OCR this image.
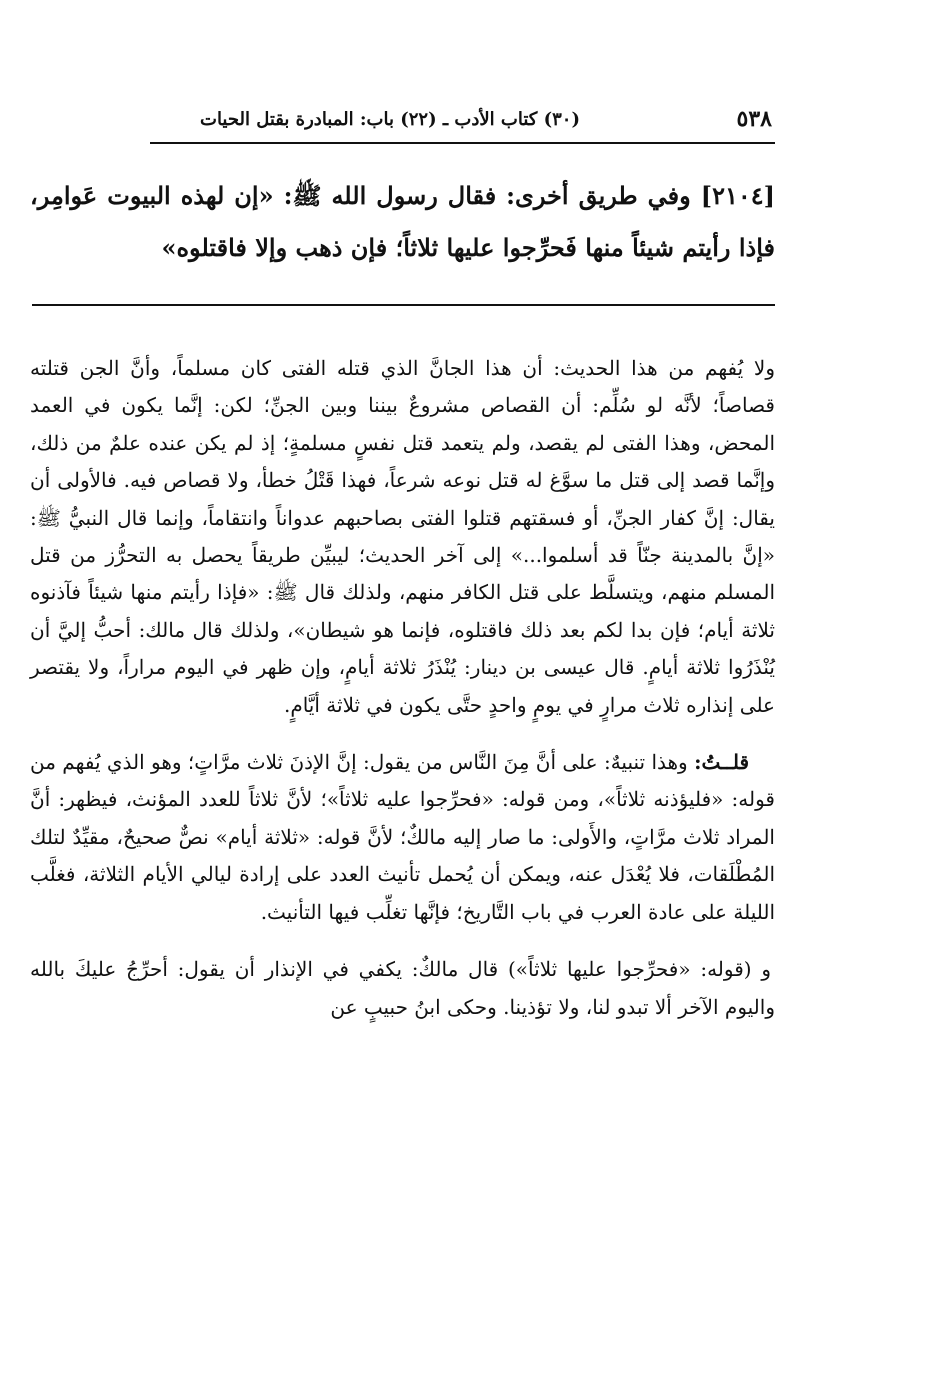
٥٣٨
(٣٠) كتاب الأدب ـ (٢٢) باب: المبادرة بقتل الحيات
[٢١٠٤] وفي طريق أخرى: فقال رسول الله ﷺ: «إن لهذه البيوت عَوامِر، فإذا رأيتم شيئاً منها فَحرِّجوا عليها ثلاثاً؛ فإن ذهب وإلا فاقتلوه»

ولا يُفهم من هذا الحديث: أن هذا الجانَّ الذي قتله الفتى كان مسلماً، وأنَّ الجن قتلته قصاصاً؛ لأنَّه لو سُلِّم: أن القصاص مشروعٌ بيننا وبين الجنِّ؛ لكن: إنَّما يكون في العمد المحض، وهذا الفتى لم يقصد، ولم يتعمد قتل نفسٍ مسلمةٍ؛ إذ لم يكن عنده علمٌ من ذلك، وإنَّما قصد إلى قتل ما سوَّغ له قتل نوعه شرعاً، فهذا قَتْلُ خطأ، ولا قصاص فيه. فالأولى أن يقال: إنَّ كفار الجنِّ، أو فسقتهم قتلوا الفتى بصاحبهم عدواناً وانتقاماً، وإنما قال النبيُّ ﷺ: «إنَّ بالمدينة جنّاً قد أسلموا...» إلى آخر الحديث؛ ليبيِّن طريقاً يحصل به التحرُّز من قتل المسلم منهم، ويتسلَّط على قتل الكافر منهم، ولذلك قال ﷺ: «فإذا رأيتم منها شيئاً فآذنوه ثلاثة أيام؛ فإن بدا لكم بعد ذلك فاقتلوه، فإنما هو شيطان»، ولذلك قال مالك: أحبُّ إليَّ أن يُنْذَرُوا ثلاثة أيامٍ. قال عيسى بن دينار: يُنْذَرُ ثلاثة أيامٍ، وإن ظهر في اليوم مراراً، ولا يقتصر على إنذاره ثلاث مرارٍ في يومٍ واحدٍ حتَّى يكون في ثلاثة أيَّامٍ.

قلــتُ: وهذا تنبيهٌ: على أنَّ مِنَ النَّاس من يقول: إنَّ الإذنَ ثلاث مرَّاتٍ؛ وهو الذي يُفهم من قوله: «فليؤذنه ثلاثاً»، ومن قوله: «فحرِّجوا عليه ثلاثاً»؛ لأنَّ ثلاثاً للعدد المؤنث، فيظهر: أنَّ المراد ثلاث مرَّاتٍ، والأَولى: ما صار إليه مالكٌ؛ لأنَّ قوله: «ثلاثة أيام» نصٌّ صحيحٌ، مقيِّدٌ لتلك المُطْلَقات، فلا يُعْدَل عنه، ويمكن أن يُحمل تأنيث العدد على إرادة ليالي الأيام الثلاثة، فغلَّب الليلة على عادة العرب في باب التَّاريخ؛ فإنَّها تغلِّب فيها التأنيث.

و (قوله: «فحرِّجوا عليها ثلاثاً») قال مالكٌ: يكفي في الإنذار أن يقول: أحرِّجُ عليكَ بالله واليوم الآخر ألا تبدو لنا، ولا تؤذينا. وحكى ابنُ حبيبٍ عن
